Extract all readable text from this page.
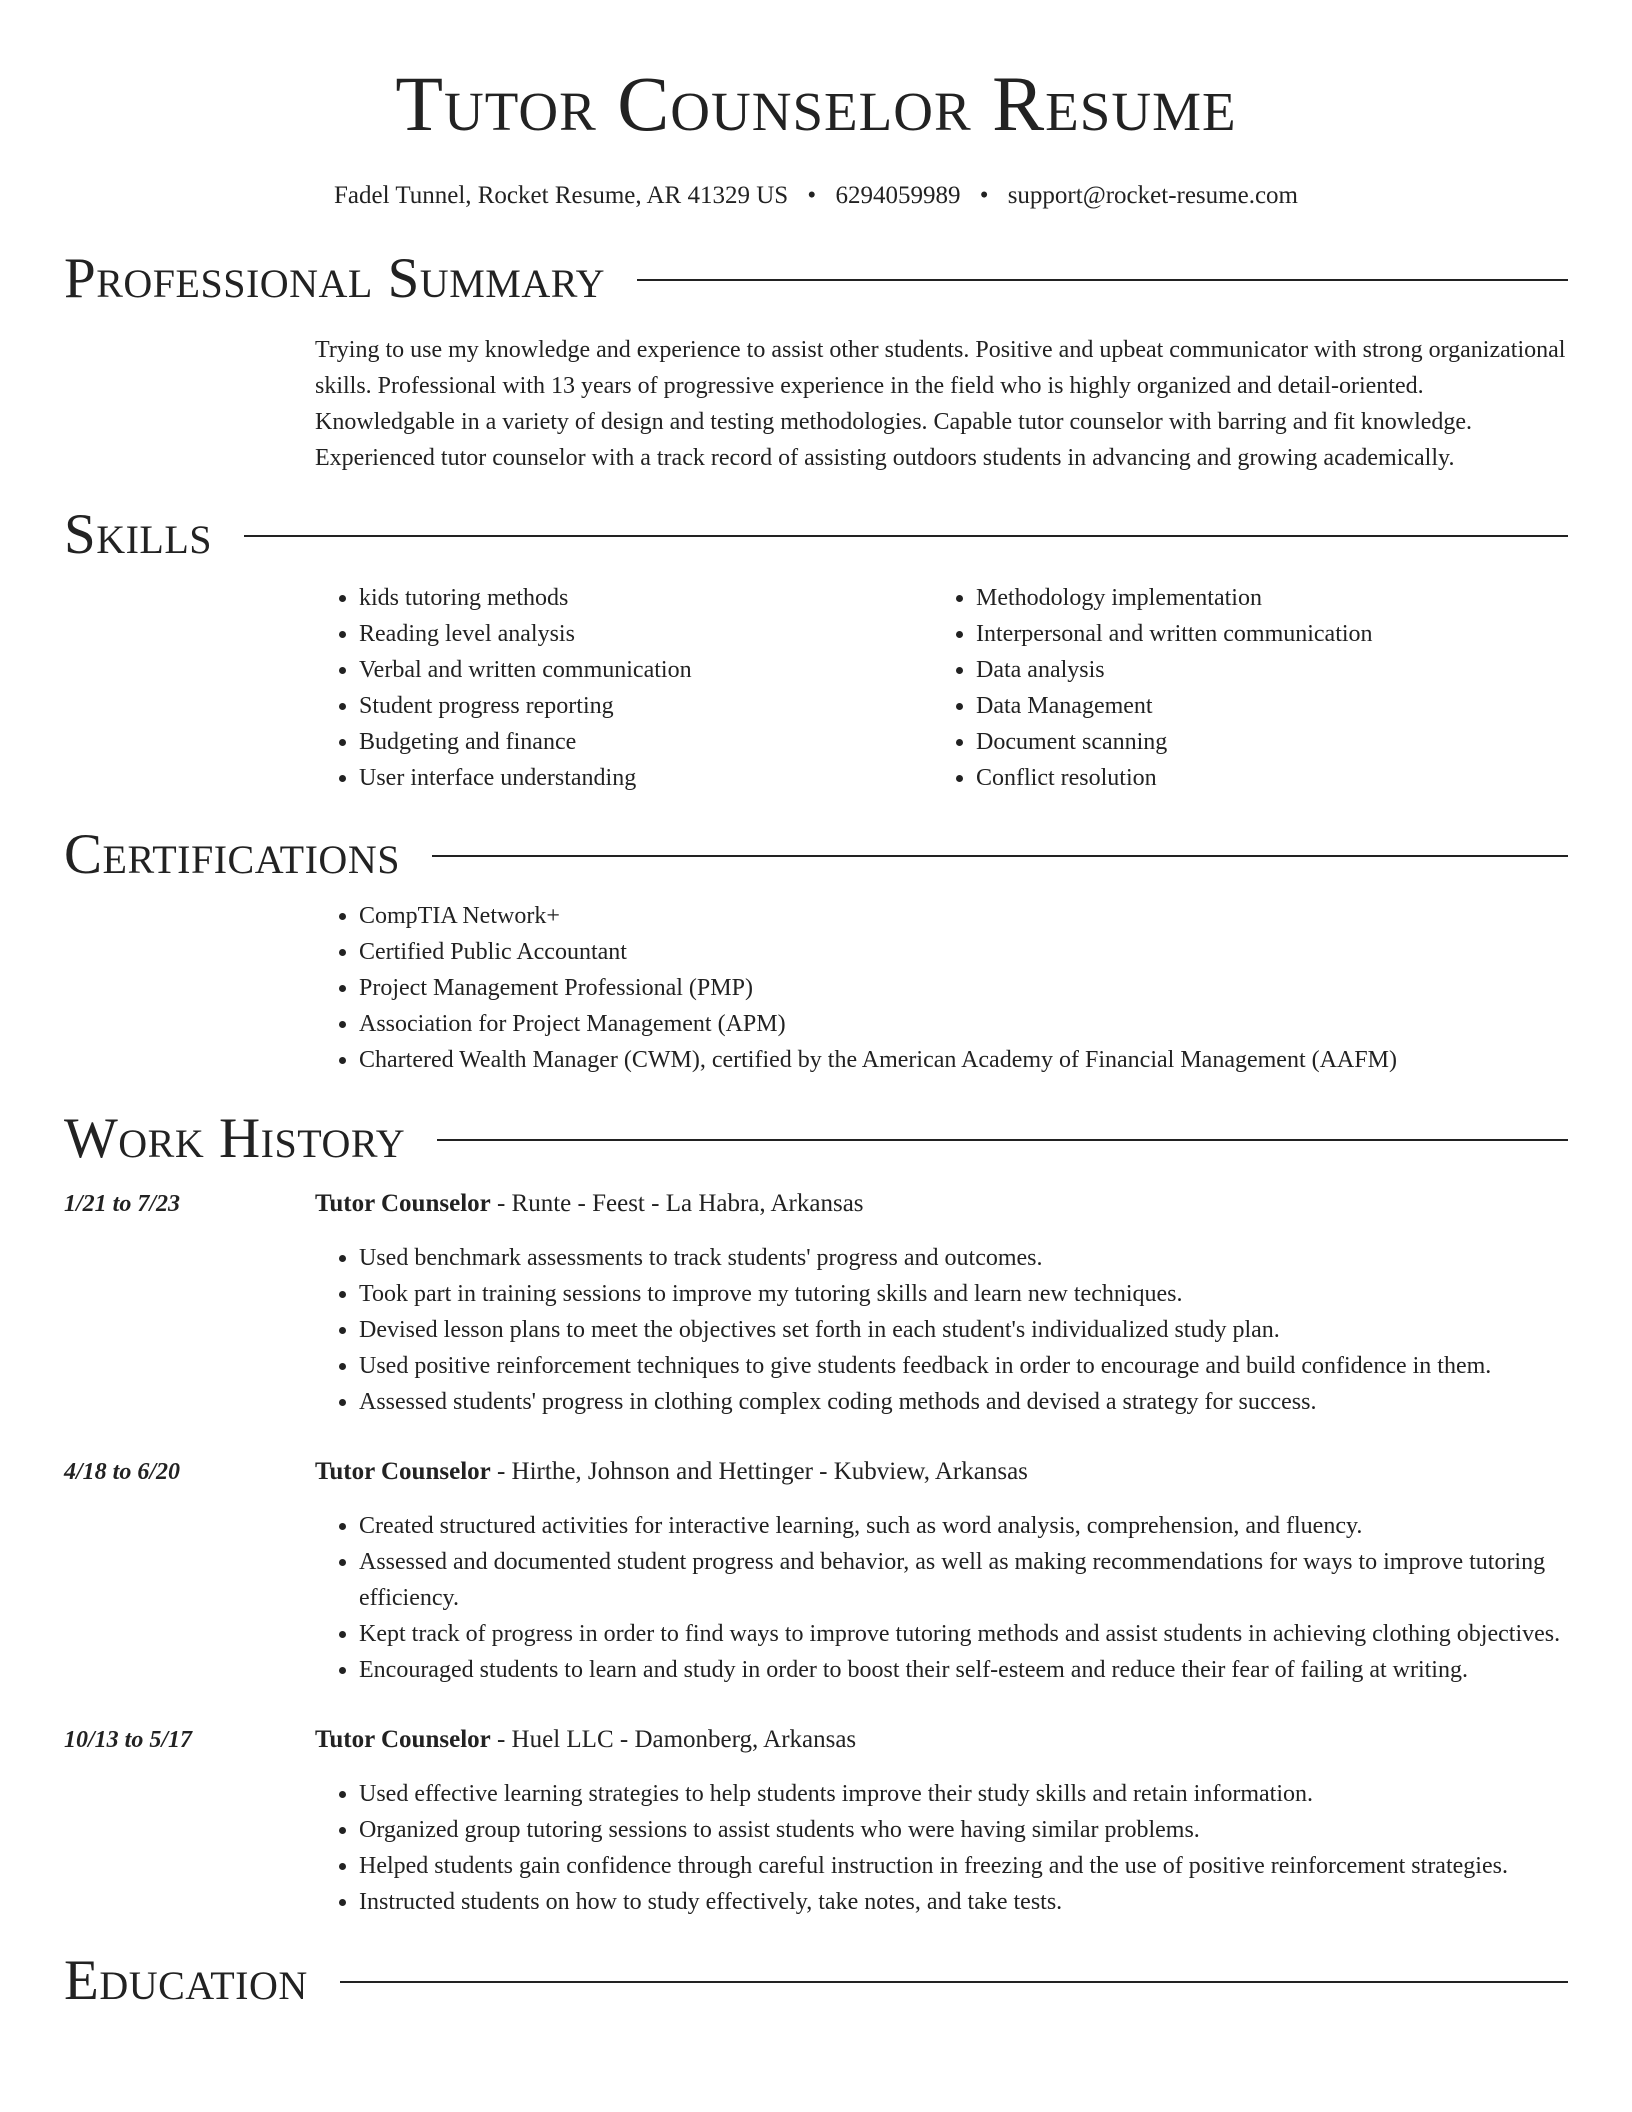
Tutor Counselor Resume
Fadel Tunnel, Rocket Resume, AR 41329 US • 6294059989 • support@rocket-resume.com
Professional Summary

Trying to use my knowledge and experience to assist other students. Positive and upbeat communicator with strong organizational skills. Professional with 13 years of progressive experience in the field who is highly organized and detail-oriented. Knowledgable in a variety of design and testing methodologies. Capable tutor counselor with barring and fit knowledge. Experienced tutor counselor with a track record of assisting outdoors students in advancing and growing academically.

Skills
• kids tutoring methods
• Reading level analysis
• Verbal and written communication
• Student progress reporting
• Budgeting and finance
• User interface understanding
• Methodology implementation
• Interpersonal and written communication
• Data analysis
• Data Management
• Document scanning
• Conflict resolution
Certifications
• CompTIA Network+
• Certified Public Accountant
• Project Management Professional (PMP)
• Association for Project Management (APM)
• Chartered Wealth Manager (CWM), certified by the American Academy of Financial Management (AAFM)
Work History
1/21 to 7/23	Tutor Counselor - Runte - Feest - La Habra, Arkansas
• Used benchmark assessments to track students' progress and outcomes.
• Took part in training sessions to improve my tutoring skills and learn new techniques.
• Devised lesson plans to meet the objectives set forth in each student's individualized study plan.
• Used positive reinforcement techniques to give students feedback in order to encourage and build confidence in them.
• Assessed students' progress in clothing complex coding methods and devised a strategy for success.
4/18 to 6/20	Tutor Counselor - Hirthe, Johnson and Hettinger - Kubview, Arkansas
• Created structured activities for interactive learning, such as word analysis, comprehension, and fluency.
• Assessed and documented student progress and behavior, as well as making recommendations for ways to improve tutoring efficiency.
• Kept track of progress in order to find ways to improve tutoring methods and assist students in achieving clothing objectives.
• Encouraged students to learn and study in order to boost their self-esteem and reduce their fear of failing at writing.
10/13 to 5/17	Tutor Counselor - Huel LLC - Damonberg, Arkansas
• Used effective learning strategies to help students improve their study skills and retain information.
• Organized group tutoring sessions to assist students who were having similar problems.
• Helped students gain confidence through careful instruction in freezing and the use of positive reinforcement strategies.
• Instructed students on how to study effectively, take notes, and take tests.
Education
